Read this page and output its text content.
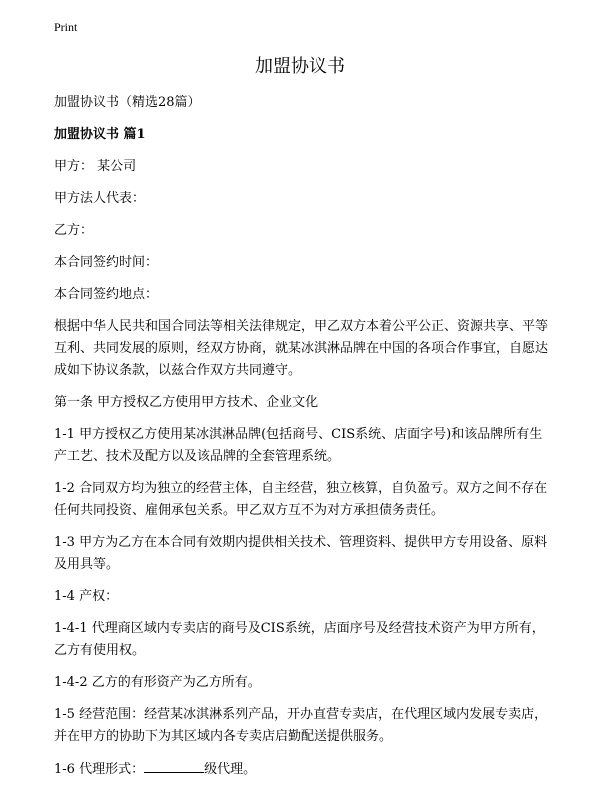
Print
加盟协议书

加盟协议书（精选28篇）

加盟协议书 篇1

甲方： 某公司

甲方法人代表：

乙方：

本合同签约时间：

本合同签约地点：

根据中华人民共和国合同法等相关法律规定，甲乙双方本着公平公正、资源共享、平等互利、共同发展的原则，经双方协商，就某冰淇淋品牌在中国的各项合作事宜，自愿达成如下协议条款，以兹合作双方共同遵守。

第一条 甲方授权乙方使用甲方技术、企业文化

1-1 甲方授权乙方使用某冰淇淋品牌(包括商号、CIS系统、店面字号)和该品牌所有生产工艺、技术及配方以及该品牌的全套管理系统。

1-2 合同双方均为独立的经营主体，自主经营，独立核算，自负盈亏。双方之间不存在任何共同投资、雇佣承包关系。甲乙双方互不为对方承担债务责任。

1-3 甲方为乙方在本合同有效期内提供相关技术、管理资料、提供甲方专用设备、原料及用具等。

1-4 产权：

1-4-1 代理商区域内专卖店的商号及CIS系统，店面序号及经营技术资产为甲方所有，乙方有使用权。

1-4-2 乙方的有形资产为乙方所有。

1-5 经营范围：经营某冰淇淋系列产品，开办直营专卖店，在代理区域内发展专卖店，并在甲方的协助下为其区域内各专卖店启勤配送提供服务。

1-6 代理形式：	级代理。
